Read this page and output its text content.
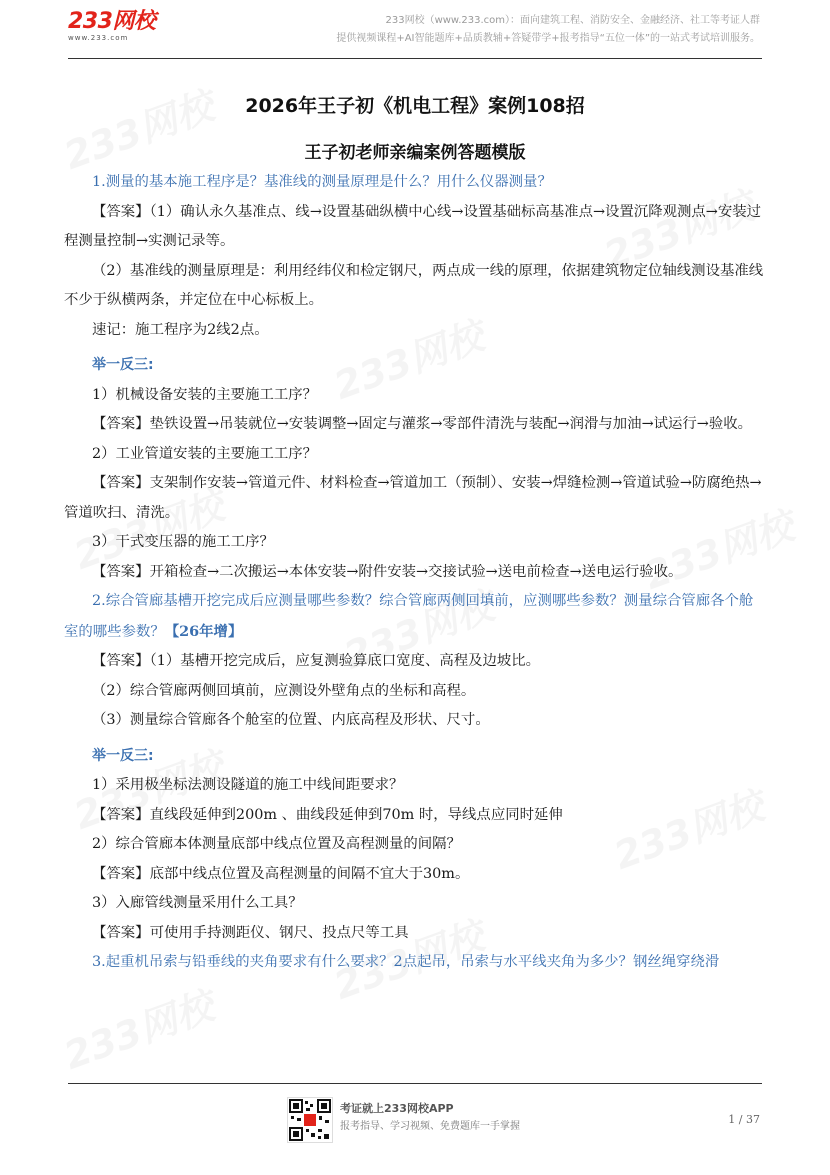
233网校
www.233.com
233网校（www.233.com）：面向建筑工程、消防安全、金融经济、社工等考证人群
提供视频课程+AI智能题库+品质教辅+答疑带学+报考指导“五位一体”的一站式考试培训服务。
2026年王子初《机电工程》案例108招
王子初老师亲编案例答题模版

1.测量的基本施工程序是？基准线的测量原理是什么？用什么仪器测量？

【答案】（1）确认永久基准点、线→设置基础纵横中心线→设置基础标高基准点→设置沉降观测点→安装过程测量控制→实测记录等。

（2）基准线的测量原理是：利用经纬仪和检定钢尺，两点成一线的原理，依据建筑物定位轴线测设基准线不少于纵横两条，并定位在中心标板上。

速记：施工程序为2线2点。

举一反三:

1）机械设备安装的主要施工工序？

【答案】垫铁设置→吊装就位→安装调整→固定与灌浆→零部件清洗与装配→润滑与加油→试运行→验收。

2）工业管道安装的主要施工工序？

【答案】支架制作安装→管道元件、材料检查→管道加工（预制）、安装→焊缝检测→管道试验→防腐绝热→管道吹扫、清洗。

3）干式变压器的施工工序？

【答案】开箱检查→二次搬运→本体安装→附件安装→交接试验→送电前检查→送电运行验收。

2.综合管廊基槽开挖完成后应测量哪些参数？综合管廊两侧回填前，应测哪些参数？测量综合管廊各个舱室的哪些参数？【26年增】

【答案】（1）基槽开挖完成后，应复测验算底口宽度、高程及边坡比。

（2）综合管廊两侧回填前，应测设外壁角点的坐标和高程。

（3）测量综合管廊各个舱室的位置、内底高程及形状、尺寸。

举一反三:

1）采用极坐标法测设隧道的施工中线间距要求？

【答案】直线段延伸到200m 、曲线段延伸到70m 时，导线点应同时延伸

2）综合管廊本体测量底部中线点位置及高程测量的间隔？

【答案】底部中线点位置及高程测量的间隔不宜大于30m。

3）入廊管线测量采用什么工具？

【答案】可使用手持测距仪、钢尺、投点尺等工具

3.起重机吊索与铅垂线的夹角要求有什么要求？2点起吊，吊索与水平线夹角为多少？钢丝绳穿绕滑

考证就上233网校APP
报考指导、学习视频、免费题库一手掌握
1 / 37
